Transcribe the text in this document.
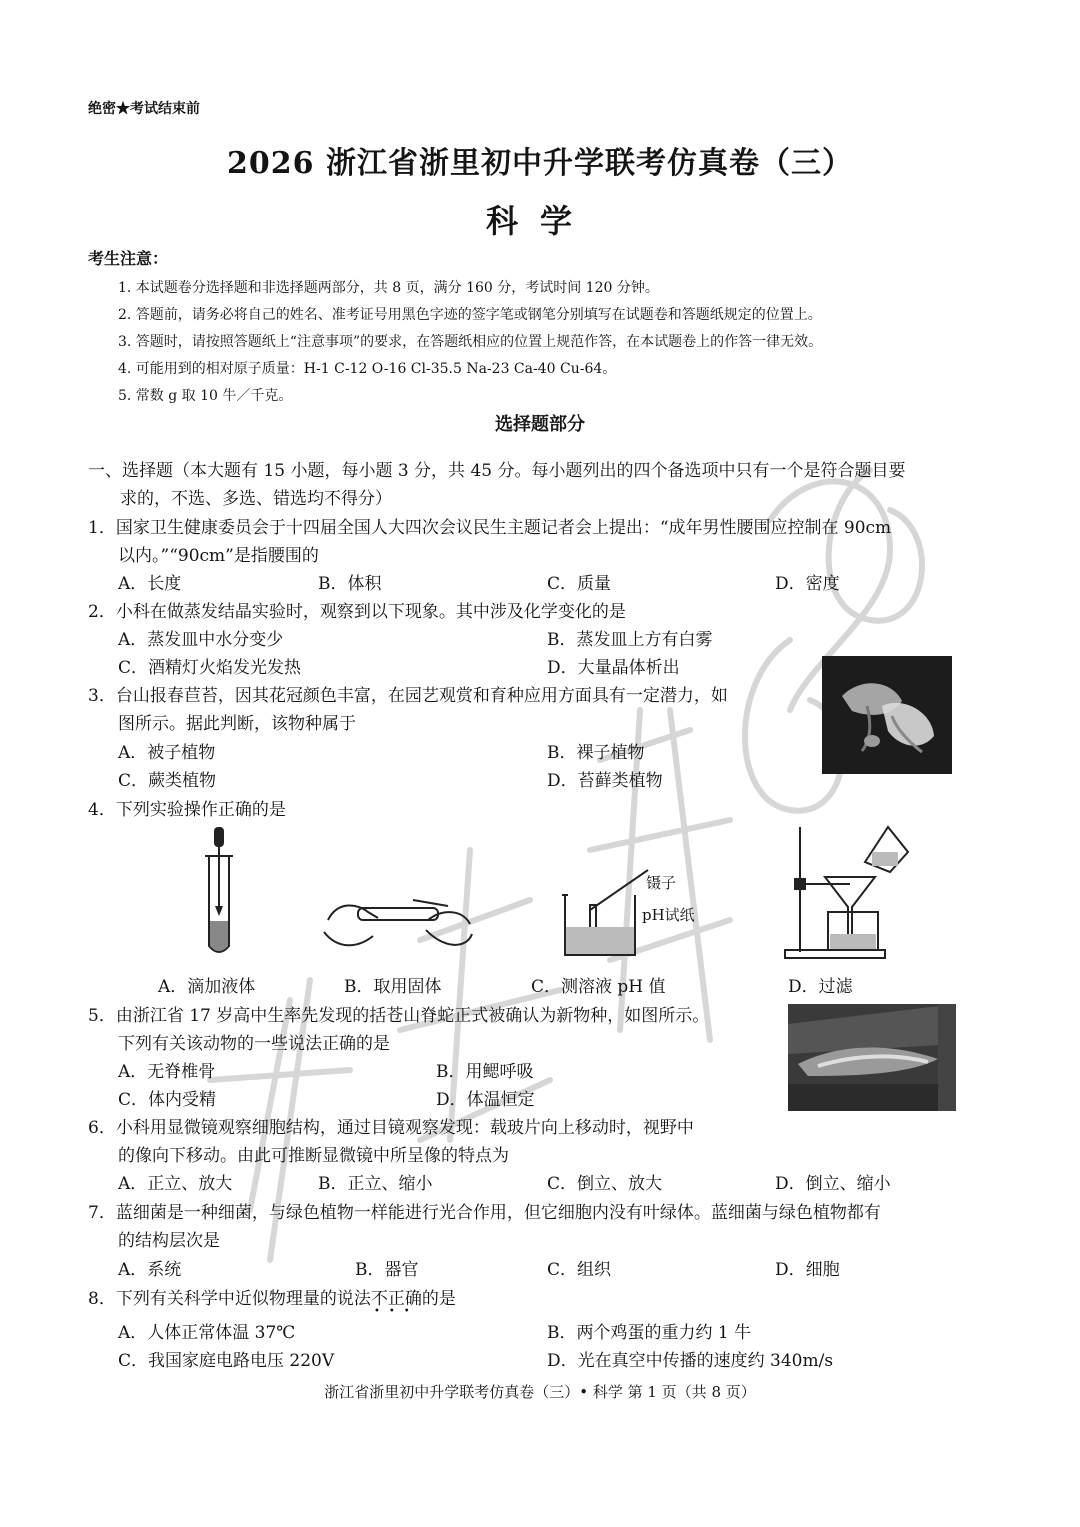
绝密★考试结束前
2026 浙江省浙里初中升学联考仿真卷（三）
科学
考生注意：
1. 本试题卷分选择题和非选择题两部分，共 8 页，满分 160 分，考试时间 120 分钟。
2. 答题前，请务必将自己的姓名、准考证号用黑色字迹的签字笔或钢笔分别填写在试题卷和答题纸规定的位置上。
3. 答题时，请按照答题纸上“注意事项”的要求，在答题纸相应的位置上规范作答，在本试题卷上的作答一律无效。
4. 可能用到的相对原子质量：H-1 C-12 O-16 Cl-35.5 Na-23 Ca-40 Cu-64。
5. 常数 g 取 10 牛／千克。
选择题部分
一、选择题（本大题有 15 小题，每小题 3 分，共 45 分。每小题列出的四个备选项中只有一个是符合题目要
求的，不选、多选、错选均不得分）
1．国家卫生健康委员会于十四届全国人大四次会议民生主题记者会上提出：“成年男性腰围应控制在 90cm
以内。”“90cm”是指腰围的
A．长度	B．体积	C．质量	D．密度
2．小科在做蒸发结晶实验时，观察到以下现象。其中涉及化学变化的是
A．蒸发皿中水分变少	B．蒸发皿上方有白雾
C．酒精灯火焰发光发热	D．大量晶体析出
3．台山报春苣苔，因其花冠颜色丰富，在园艺观赏和育种应用方面具有一定潜力，如
图所示。据此判断，该物种属于
A．被子植物	B．裸子植物
C．蕨类植物	D．苔藓类植物
4．下列实验操作正确的是
A．滴加液体	B．取用固体
镊子
pH试纸
C．测溶液 pH 值	D．过滤
5．由浙江省 17 岁高中生率先发现的括苍山脊蛇正式被确认为新物种，如图所示。
下列有关该动物的一些说法正确的是
A．无脊椎骨	B．用鳃呼吸
C．体内受精	D．体温恒定
6．小科用显微镜观察细胞结构，通过目镜观察发现：载玻片向上移动时，视野中
的像向下移动。由此可推断显微镜中所呈像的特点为
A．正立、放大	B．正立、缩小	C．倒立、放大	D．倒立、缩小
7．蓝细菌是一种细菌，与绿色植物一样能进行光合作用，但它细胞内没有叶绿体。蓝细菌与绿色植物都有
的结构层次是
A．系统	B．器官	C．组织	D．细胞
8．下列有关科学中近似物理量的说法不正确
•••
的是
A．人体正常体温 37℃	B．两个鸡蛋的重力约 1 牛
C．我国家庭电路电压 220V	D．光在真空中传播的速度约 340m/s
浙江省浙里初中升学联考仿真卷（三）• 科学 第 1 页（共 8 页）
